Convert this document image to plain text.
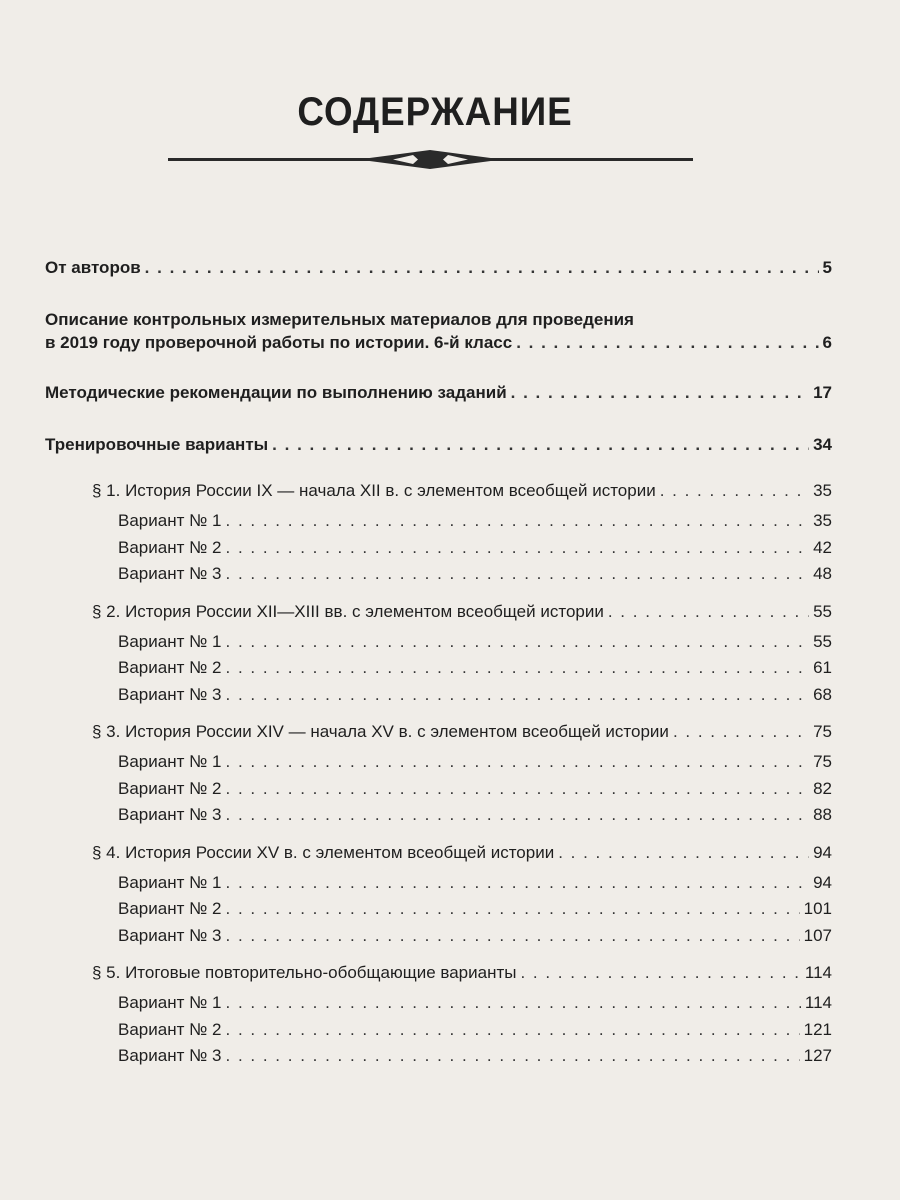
СОДЕРЖАНИЕ
От авторов . . .	5
Описание контрольных измерительных материалов для проведения
в 2019 году проверочной работы по истории. 6-й класс . . .	6
Методические рекомендации по выполнению заданий . . .	17
Тренировочные варианты . . .	34
§ 1. История России IX — начала XII в. с элементом всеобщей истории . . .	35
Вариант № 1 . . .	35
Вариант № 2 . . .	42
Вариант № 3 . . .	48
§ 2. История России XII—XIII вв. с элементом всеобщей истории . . .	55
Вариант № 1 . . .	55
Вариант № 2 . . .	61
Вариант № 3 . . .	68
§ 3. История России XIV — начала XV в. с элементом всеобщей истории . . .	75
Вариант № 1 . . .	75
Вариант № 2 . . .	82
Вариант № 3 . . .	88
§ 4. История России XV в. с элементом всеобщей истории . . .	94
Вариант № 1 . . .	94
Вариант № 2 . . .	101
Вариант № 3 . . .	107
§ 5. Итоговые повторительно-обобщающие варианты . . .	114
Вариант № 1 . . .	114
Вариант № 2 . . .	121
Вариант № 3 . . .	127
